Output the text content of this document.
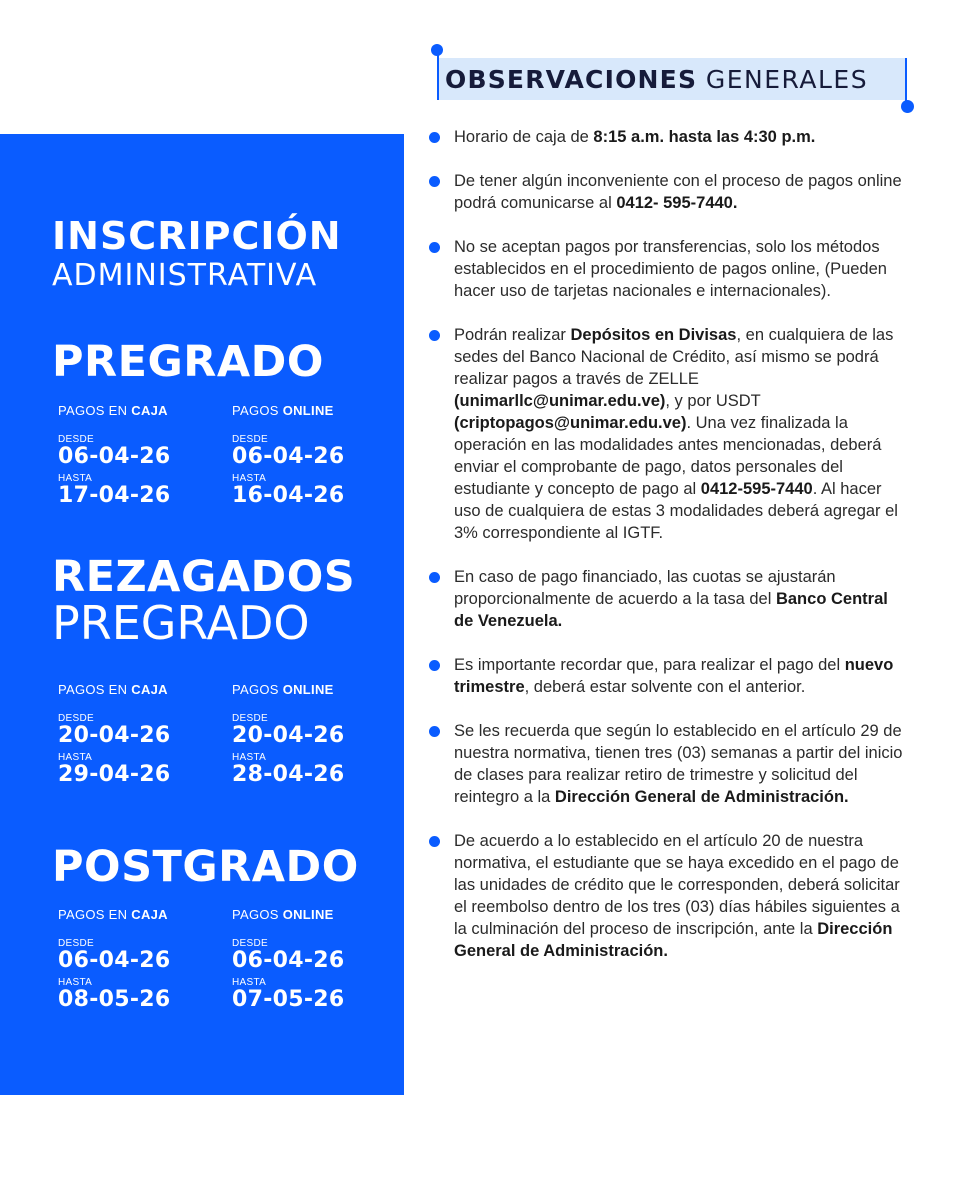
OBSERVACIONES GENERALES
INSCRIPCIÓN
ADMINISTRATIVA
PREGRADO
PAGOS EN CAJA
DESDE
06-04-26
HASTA
17-04-26
PAGOS ONLINE
DESDE
06-04-26
HASTA
16-04-26
REZAGADOS
PREGRADO
PAGOS EN CAJA
DESDE
20-04-26
HASTA
29-04-26
PAGOS ONLINE
DESDE
20-04-26
HASTA
28-04-26
POSTGRADO
PAGOS EN CAJA
DESDE
06-04-26
HASTA
08-05-26
PAGOS ONLINE
DESDE
06-04-26
HASTA
07-05-26
Horario de caja de 8:15 a.m. hasta las 4:30 p.m.
De tener algún inconveniente con el proceso de pagos online podrá comunicarse al 0412- 595-7440.
No se aceptan pagos por transferencias, solo los métodos establecidos en el procedimiento de pagos online, (Pueden hacer uso de tarjetas nacionales e internacionales).
Podrán realizar Depósitos en Divisas, en cualquiera de las sedes del Banco Nacional de Crédito, así mismo se podrá realizar pagos a través de ZELLE (unimarllc@unimar.edu.ve), y por USDT (criptopagos@unimar.edu.ve). Una vez finalizada la operación en las modalidades antes mencionadas, deberá enviar el comprobante de pago, datos personales del estudiante y concepto de pago al 0412-595-7440. Al hacer uso de cualquiera de estas 3 modalidades deberá agregar el 3% correspondiente al IGTF.
En caso de pago financiado, las cuotas se ajustarán proporcionalmente de acuerdo a la tasa del Banco Central de Venezuela.
Es importante recordar que, para realizar el pago del nuevo trimestre, deberá estar solvente con el anterior.
Se les recuerda que según lo establecido en el artículo 29 de nuestra normativa, tienen tres (03) semanas a partir del inicio de clases para realizar retiro de trimestre y solicitud del reintegro a la Dirección General de Administración.
De acuerdo a lo establecido en el artículo 20 de nuestra normativa, el estudiante que se haya excedido en el pago de las unidades de crédito que le corresponden, deberá solicitar el reembolso dentro de los tres (03) días hábiles siguientes a la culminación del proceso de inscripción, ante la Dirección General de Administración.
